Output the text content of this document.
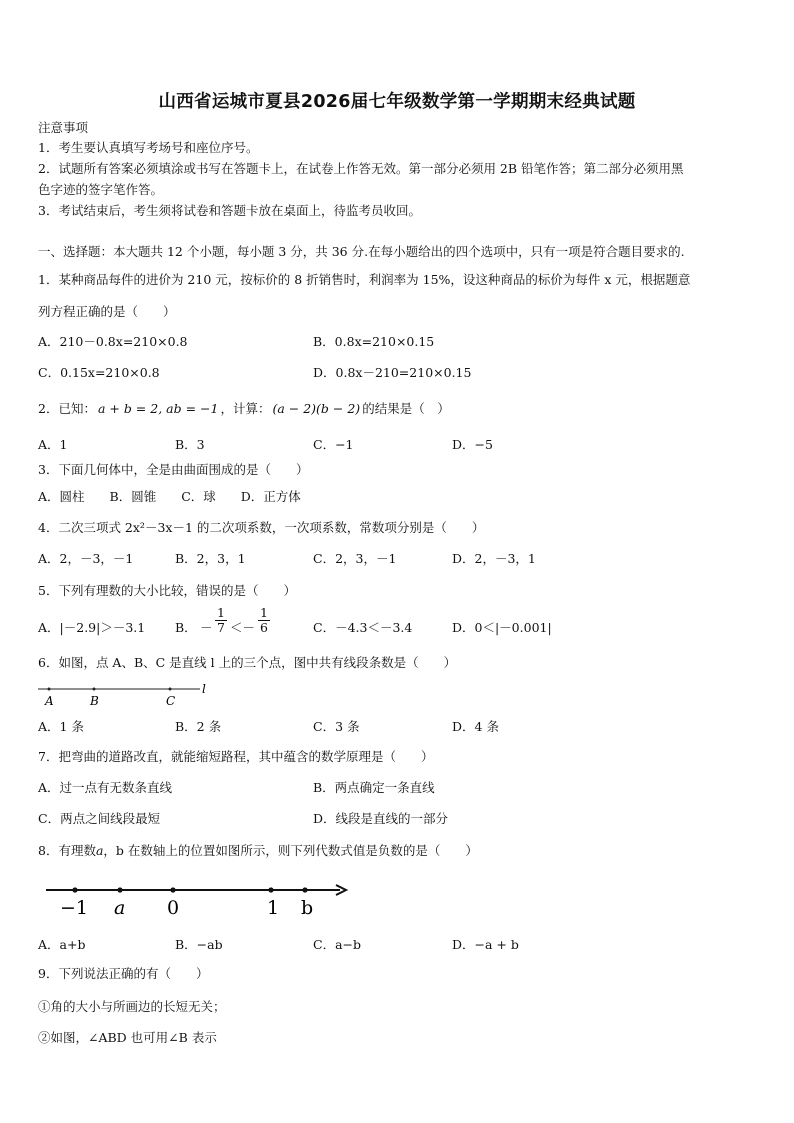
山西省运城市夏县2026届七年级数学第一学期期末经典试题
注意事项
1．考生要认真填写考场号和座位序号。
2．试题所有答案必须填涂或书写在答题卡上，在试卷上作答无效。第一部分必须用 2B 铅笔作答；第二部分必须用黑
色字迹的签字笔作答。
3．考试结束后，考生须将试卷和答题卡放在桌面上，待监考员收回。
一、选择题：本大题共 12 个小题，每小题 3 分，共 36 分.在每小题给出的四个选项中，只有一项是符合题目要求的.
1．某种商品每件的进价为 210 元，按标价的 8 折销售时，利润率为 15%，设这种商品的标价为每件 x 元，根据题意
列方程正确的是（　　）
A．210－0.8x=210×0.8	B．0.8x=210×0.15
C．0.15x=210×0.8	D．0.8x－210=210×0.15
2．已知： a + b = 2, ab = −1 ，计算： (a − 2)(b − 2) 的结果是（　）
A．1	B．3	C．−1	D．−5
3．下面几何体中，全是由曲面围成的是（　　）
A．圆柱　　B．圆锥　　C．球　　D．正方体
4．二次三项式 2x²－3x－1 的二次项系数，一次项系数，常数项分别是（　　）
A．2，－3，－1	B．2，3，1	C．2，3，－1	D．2，－3，1
5．下列有理数的大小比较，错误的是（　　）
A．|－2.9|＞－3.1 B． － $\frac{1}{7} <- \frac{1}{6}$	C．－4.3＜－3.4	D．0＜|－0.001|
6．如图，点 A、B、C 是直线 l 上的三个点，图中共有线段条数是（　　）
A	B	C
l
A．1 条	B．2 条	C．3 条	D．4 条
7．把弯曲的道路改直，就能缩短路程，其中蕴含的数学原理是（　　）
A．过一点有无数条直线	B．两点确定一条直线
C．两点之间线段最短	D．线段是直线的一部分
8．有理数a，b 在数轴上的位置如图所示，则下列代数式值是负数的是（　　）
−1 a 0	1 b
A．a+b	B．−ab	C．a−b	D．−a + b
9．下列说法正确的有（　　）
①角的大小与所画边的长短无关；
②如图，∠ABD 也可用∠B 表示
